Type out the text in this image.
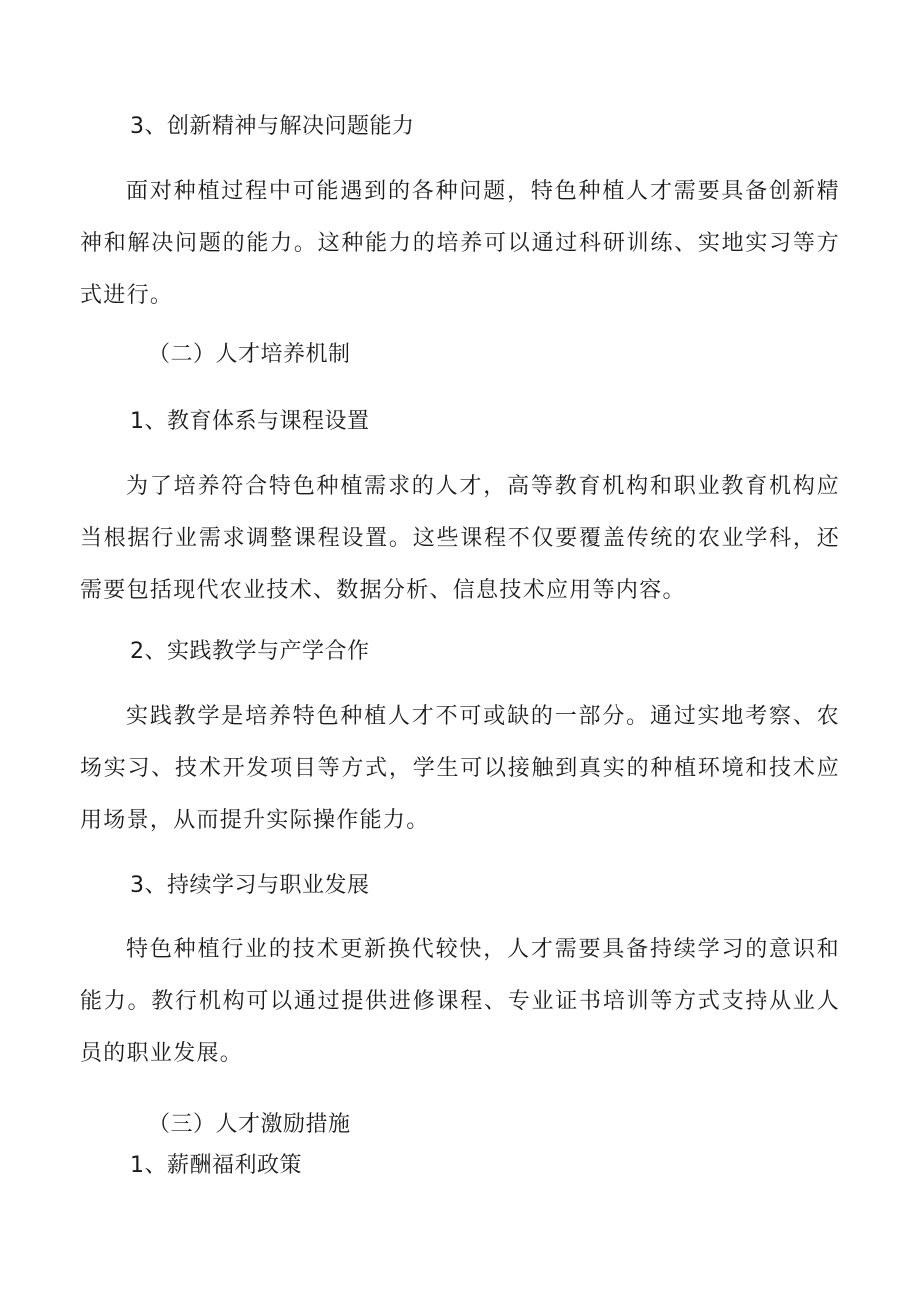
3、创新精神与解决问题能力
面对种植过程中可能遇到的各种问题，特色种植人才需要具备创新精神和解决问题的能力。这种能力的培养可以通过科研训练、实地实习等方式进行。
（二）人才培养机制
1、教育体系与课程设置
为了培养符合特色种植需求的人才，高等教育机构和职业教育机构应当根据行业需求调整课程设置。这些课程不仅要覆盖传统的农业学科，还需要包括现代农业技术、数据分析、信息技术应用等内容。
2、实践教学与产学合作
实践教学是培养特色种植人才不可或缺的一部分。通过实地考察、农场实习、技术开发项目等方式，学生可以接触到真实的种植环境和技术应用场景，从而提升实际操作能力。
3、持续学习与职业发展
特色种植行业的技术更新换代较快，人才需要具备持续学习的意识和能力。教行机构可以通过提供进修课程、专业证书培训等方式支持从业人员的职业发展。
（三）人才激励措施
1、薪酬福利政策
